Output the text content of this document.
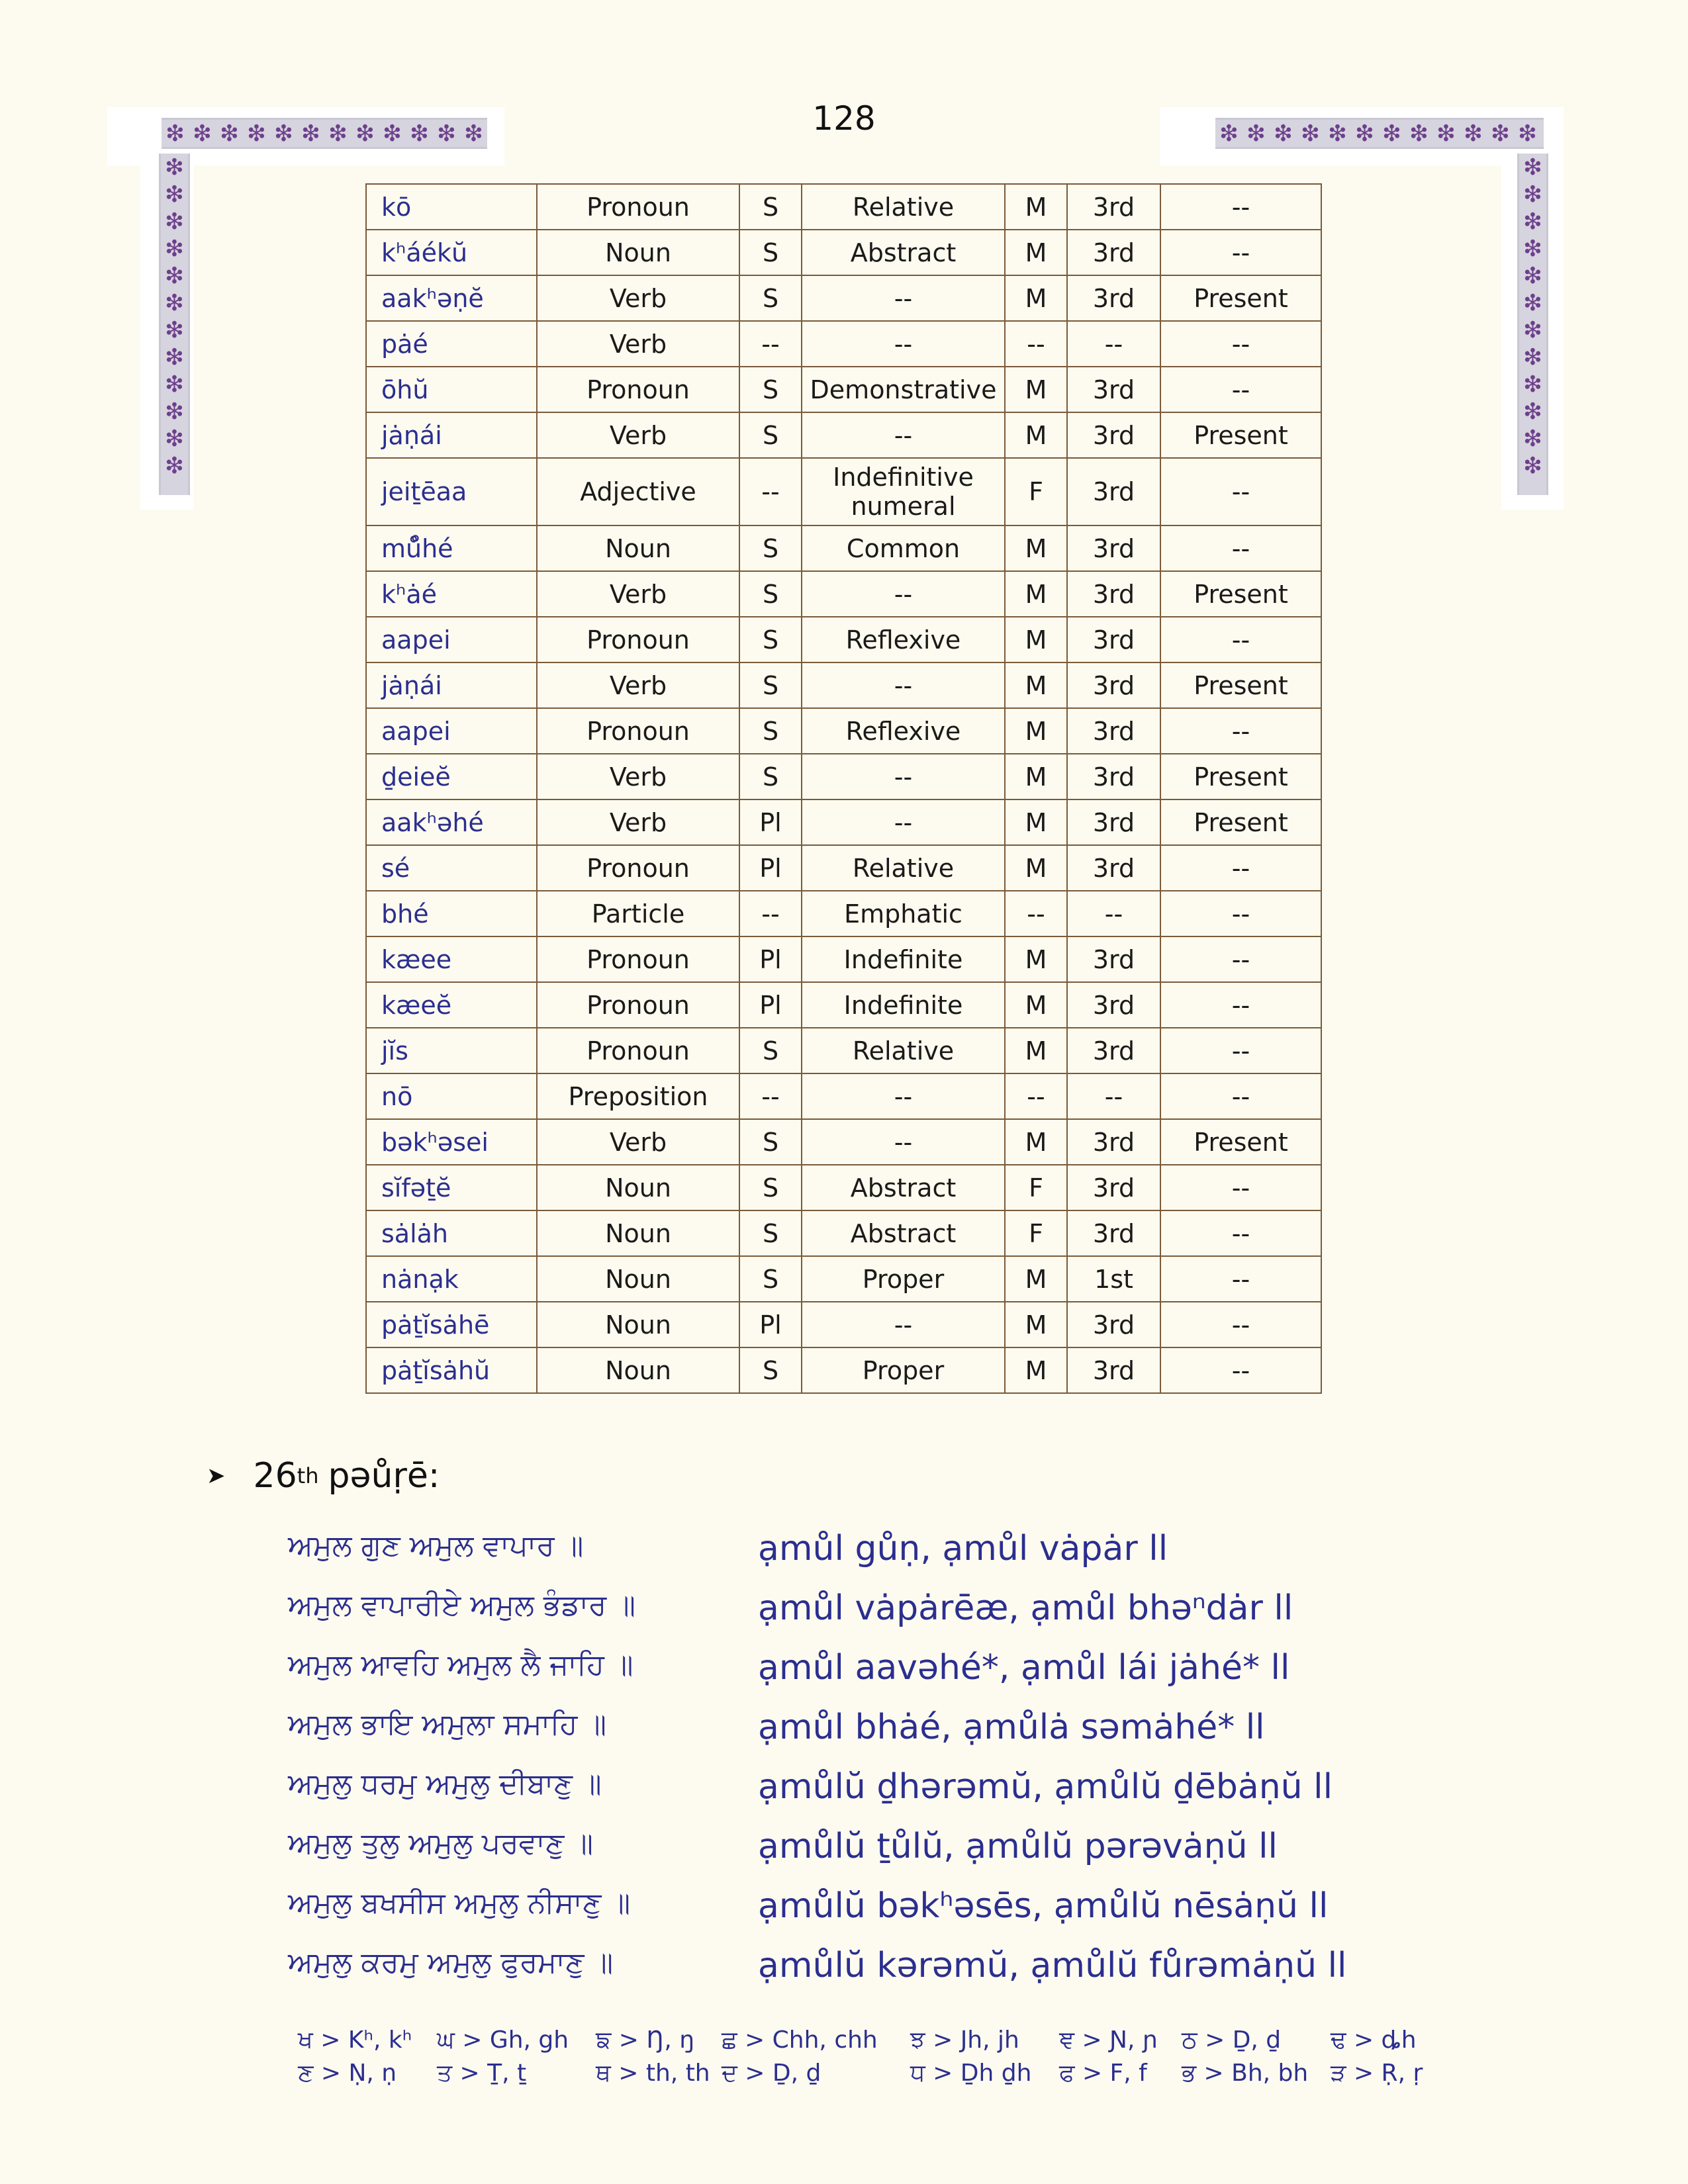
❇ ❇ ❇ ❇ ❇ ❇ ❇ ❇ ❇ ❇ ❇ ❇
❇
❇
❇
❇
❇
❇
❇
❇
❇
❇
❇
❇
❇ ❇ ❇ ❇ ❇ ❇ ❇ ❇ ❇ ❇ ❇ ❇
❇
❇
❇
❇
❇
❇
❇
❇
❇
❇
❇
❇
128
kō	Pronoun	S	Relative	M	3rd	--
kʰáékŭ	Noun	S	Abstract	M	3rd	--
aakʰəṇĕ	Verb	S	--	M	3rd	Present
pȧé	Verb	--	--	--	--	--
ōhŭ	Pronoun	S	Demonstrative	M	3rd	--
jȧṇái	Verb	S	--	M	3rd	Present
jeiṯēaa	Adjective	--	Indefinitive numeral	F	3rd	--
mů̊hé	Noun	S	Common	M	3rd	--
kʰȧé	Verb	S	--	M	3rd	Present
aapei	Pronoun	S	Reflexive	M	3rd	--
jȧṇái	Verb	S	--	M	3rd	Present
aapei	Pronoun	S	Reflexive	M	3rd	--
ḏeieĕ	Verb	S	--	M	3rd	Present
aakʰəhé	Verb	Pl	--	M	3rd	Present
sé	Pronoun	Pl	Relative	M	3rd	--
bhé	Particle	--	Emphatic	--	--	--
kæee	Pronoun	Pl	Indefinite	M	3rd	--
kæeĕ	Pronoun	Pl	Indefinite	M	3rd	--
jĭs	Pronoun	S	Relative	M	3rd	--
nō	Preposition	--	--	--	--	--
bəkʰəsei	Verb	S	--	M	3rd	Present
sĭfəṯĕ	Noun	S	Abstract	F	3rd	--
sȧlȧh	Noun	S	Abstract	F	3rd	--
nȧnạk	Noun	S	Proper	M	1st	--
pȧṯĭsȧhē	Noun	Pl	--	M	3rd	--
pȧṯĭsȧhŭ	Noun	S	Proper	M	3rd	--
➤ 26 th pəůṛē:
ਅਮੁਲ ਗੁਣ ਅਮੁਲ ਵਾਪਾਰ ॥	ạmůl gůṇ, ạmůl vȧpȧr ll
ਅਮੁਲ ਵਾਪਾਰੀਏ ਅਮੁਲ ਭੰਡਾਰ ॥	ạmůl vȧpȧrēæ, ạmůl bhəⁿdȧr ll
ਅਮੁਲ ਆਵਹਿ ਅਮੁਲ ਲੈ ਜਾਹਿ ॥	ạmůl aavəhé*, ạmůl lái jȧhé* ll
ਅਮੁਲ ਭਾਇ ਅਮੁਲਾ ਸਮਾਹਿ ॥	ạmůl bhȧé, ạmůlȧ səmȧhé* ll
ਅਮੁਲੁ ਧਰਮੁ ਅਮੁਲੁ ਦੀਬਾਣੁ ॥	ạmůlŭ ḏhərəmŭ, ạmůlŭ ḏēbȧṇŭ ll
ਅਮੁਲੁ ਤੁਲੁ ਅਮੁਲੁ ਪਰਵਾਣੁ ॥	ạmůlŭ ṯůlŭ, ạmůlŭ pərəvȧṇŭ ll
ਅਮੁਲੁ ਬਖਸੀਸ ਅਮੁਲੁ ਨੀਸਾਣੁ ॥	ạmůlŭ bəkʰəsēs, ạmůlŭ nēsȧṇŭ ll
ਅਮੁਲੁ ਕਰਮੁ ਅਮੁਲੁ ਫੁਰਮਾਣੁ ॥	ạmůlŭ kərəmŭ, ạmůlŭ fůrəmȧṇŭ ll
ਖ > Kʰ, kʰ ਘ > Gh, gh ਙ > Ŋ, ŋ ਛ > Chh, chh ਝ > Jh, jh ਞ > Ɲ, ɲ ਠ > Ḏ, ḏ ਢ > ȡh
ਣ > Ṇ, ṇ ਤ > Ṯ, ṯ	ਥ > th, th ਦ > Ḏ, ḏ	ਧ > Ḏh ḏh ਫ > F, f ਭ > Bh, bh ੜ > Ṛ, ṛ
